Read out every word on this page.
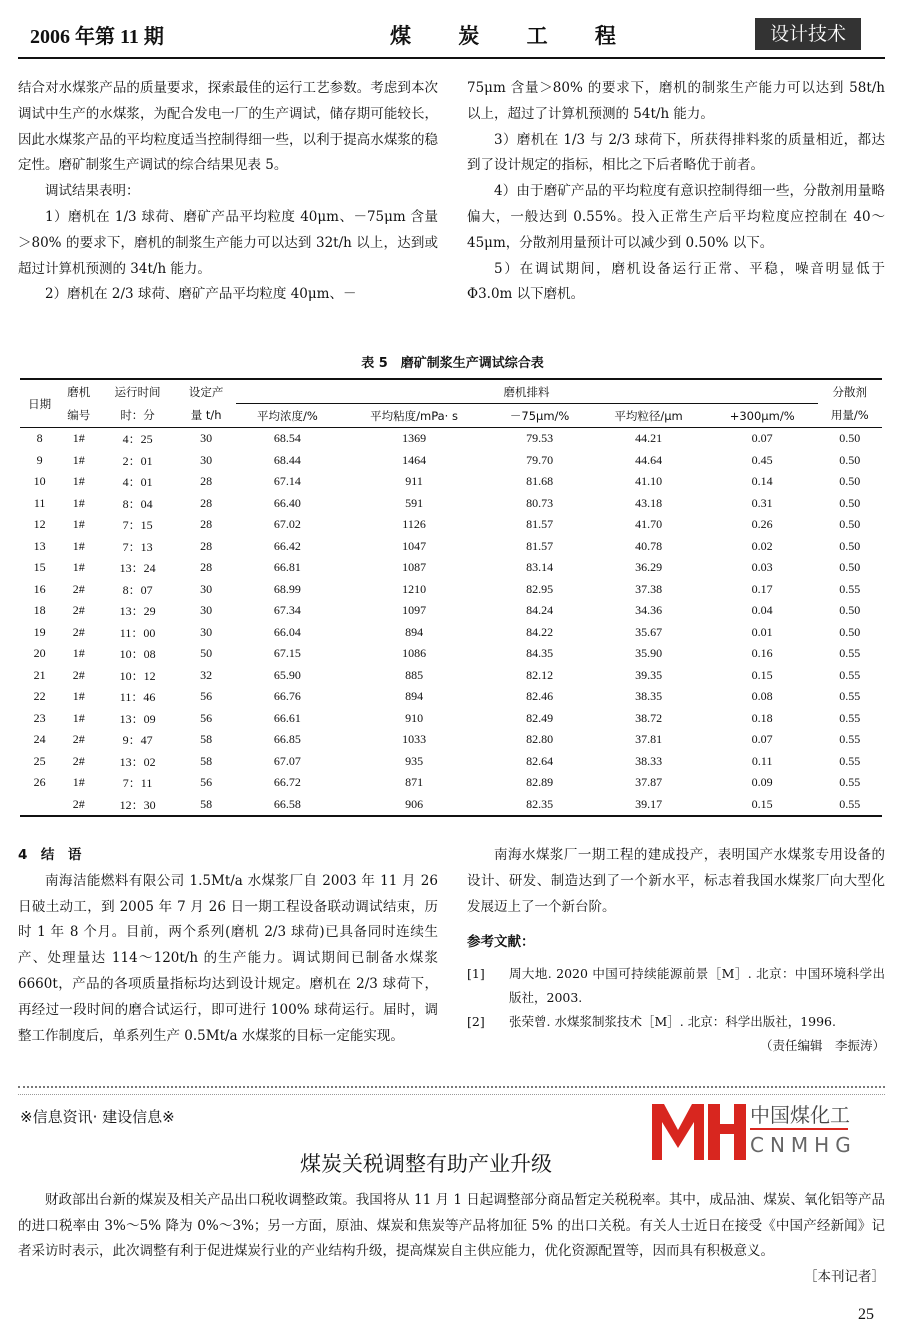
2006 年第 11 期	煤 炭 工 程	设计技术

结合对水煤浆产品的质量要求，探索最佳的运行工艺参数。考虑到本次调试中生产的水煤浆，为配合发电一厂的生产调试，储存期可能较长，因此水煤浆产品的平均粒度适当控制得细一些，以利于提高水煤浆的稳定性。磨矿制浆生产调试的综合结果见表 5。

调试结果表明：

1）磨机在 1/3 球荷、磨矿产品平均粒度 40μm、－75μm 含量＞80% 的要求下，磨机的制浆生产能力可以达到 32t/h 以上，达到或超过计算机预测的 34t/h 能力。

2）磨机在 2/3 球荷、磨矿产品平均粒度 40μm、－

75μm 含量＞80% 的要求下，磨机的制浆生产能力可以达到 58t/h 以上，超过了计算机预测的 54t/h 能力。

3）磨机在 1/3 与 2/3 球荷下，所获得排料浆的质量相近，都达到了设计规定的指标，相比之下后者略优于前者。

4）由于磨矿产品的平均粒度有意识控制得细一些，分散剂用量略偏大，一般达到 0.55%。投入正常生产后平均粒度应控制在 40～45μm，分散剂用量预计可以减少到 0.50% 以下。

5）在调试期间，磨机设备运行正常、平稳，噪音明显低于 Φ3.0m 以下磨机。

表 5　磨矿制浆生产调试综合表
日期	磨机	运行时间	设定产	磨机排料					分散剂
	编号	时：分	量 t/h	平均浓度/%	平均粘度/mPa· s	－75μm/%	平均粒径/μm	+300μm/%	用量/%
8	1#	4：25	30	68.54	1369	79.53	44.21	0.07	0.50
9	1#	2：01	30	68.44	1464	79.70	44.64	0.45	0.50
10	1#	4：01	28	67.14	911	81.68	41.10	0.14	0.50
11	1#	8：04	28	66.40	591	80.73	43.18	0.31	0.50
12	1#	7：15	28	67.02	1126	81.57	41.70	0.26	0.50
13	1#	7：13	28	66.42	1047	81.57	40.78	0.02	0.50
15	1#	13：24	28	66.81	1087	83.14	36.29	0.03	0.50
16	2#	8：07	30	68.99	1210	82.95	37.38	0.17	0.55
18	2#	13：29	30	67.34	1097	84.24	34.36	0.04	0.50
19	2#	11：00	30	66.04	894	84.22	35.67	0.01	0.50
20	1#	10：08	50	67.15	1086	84.35	35.90	0.16	0.55
21	2#	10：12	32	65.90	885	82.12	39.35	0.15	0.55
22	1#	11：46	56	66.76	894	82.46	38.35	0.08	0.55
23	1#	13：09	56	66.61	910	82.49	38.72	0.18	0.55
24	2#	9：47	58	66.85	1033	82.80	37.81	0.07	0.55
25	2#	13：02	58	67.07	935	82.64	38.33	0.11	0.55
26	1#	7：11	56	66.72	871	82.89	37.87	0.09	0.55
	2#	12：30	58	66.58	906	82.35	39.17	0.15	0.55

4　结　语

南海洁能燃料有限公司 1.5Mt/a 水煤浆厂自 2003 年 11 月 26 日破土动工，到 2005 年 7 月 26 日一期工程设备联动调试结束，历时 1 年 8 个月。目前，两个系列(磨机 2/3 球荷)已具备同时连续生产、处理量达 114～120t/h 的生产能力。调试期间已制备水煤浆 6660t，产品的各项质量指标均达到设计规定。磨机在 2/3 球荷下，再经过一段时间的磨合试运行，即可进行 100% 球荷运行。届时，调整工作制度后，单系列生产 0.5Mt/a 水煤浆的目标一定能实现。

南海水煤浆厂一期工程的建成投产，表明国产水煤浆专用设备的设计、研发、制造达到了一个新水平，标志着我国水煤浆厂向大型化发展迈上了一个新台阶。

参考文献：

[1]	周大地. 2020 中国可持续能源前景［M］. 北京：中国环境科学出版社，2003.
[2]	张荣曾. 水煤浆制浆技术［M］. 北京：科学出版社，1996.
（责任编辑　李振涛）
※信息资讯· 建设信息※
煤炭关税调整有助产业升级

财政部出台新的煤炭及相关产品出口税收调整政策。我国将从 11 月 1 日起调整部分商品暂定关税税率。其中，成品油、煤炭、氧化铝等产品的进口税率由 3%～5% 降为 0%～3%；另一方面，原油、煤炭和焦炭等产品将加征 5% 的出口关税。有关人士近日在接受《中国产经新闻》记者采访时表示，此次调整有利于促进煤炭行业的产业结构升级，提高煤炭自主供应能力，优化资源配置等，因而具有积极意义。

［本刊记者］

中国煤化工
CNMHG
25
